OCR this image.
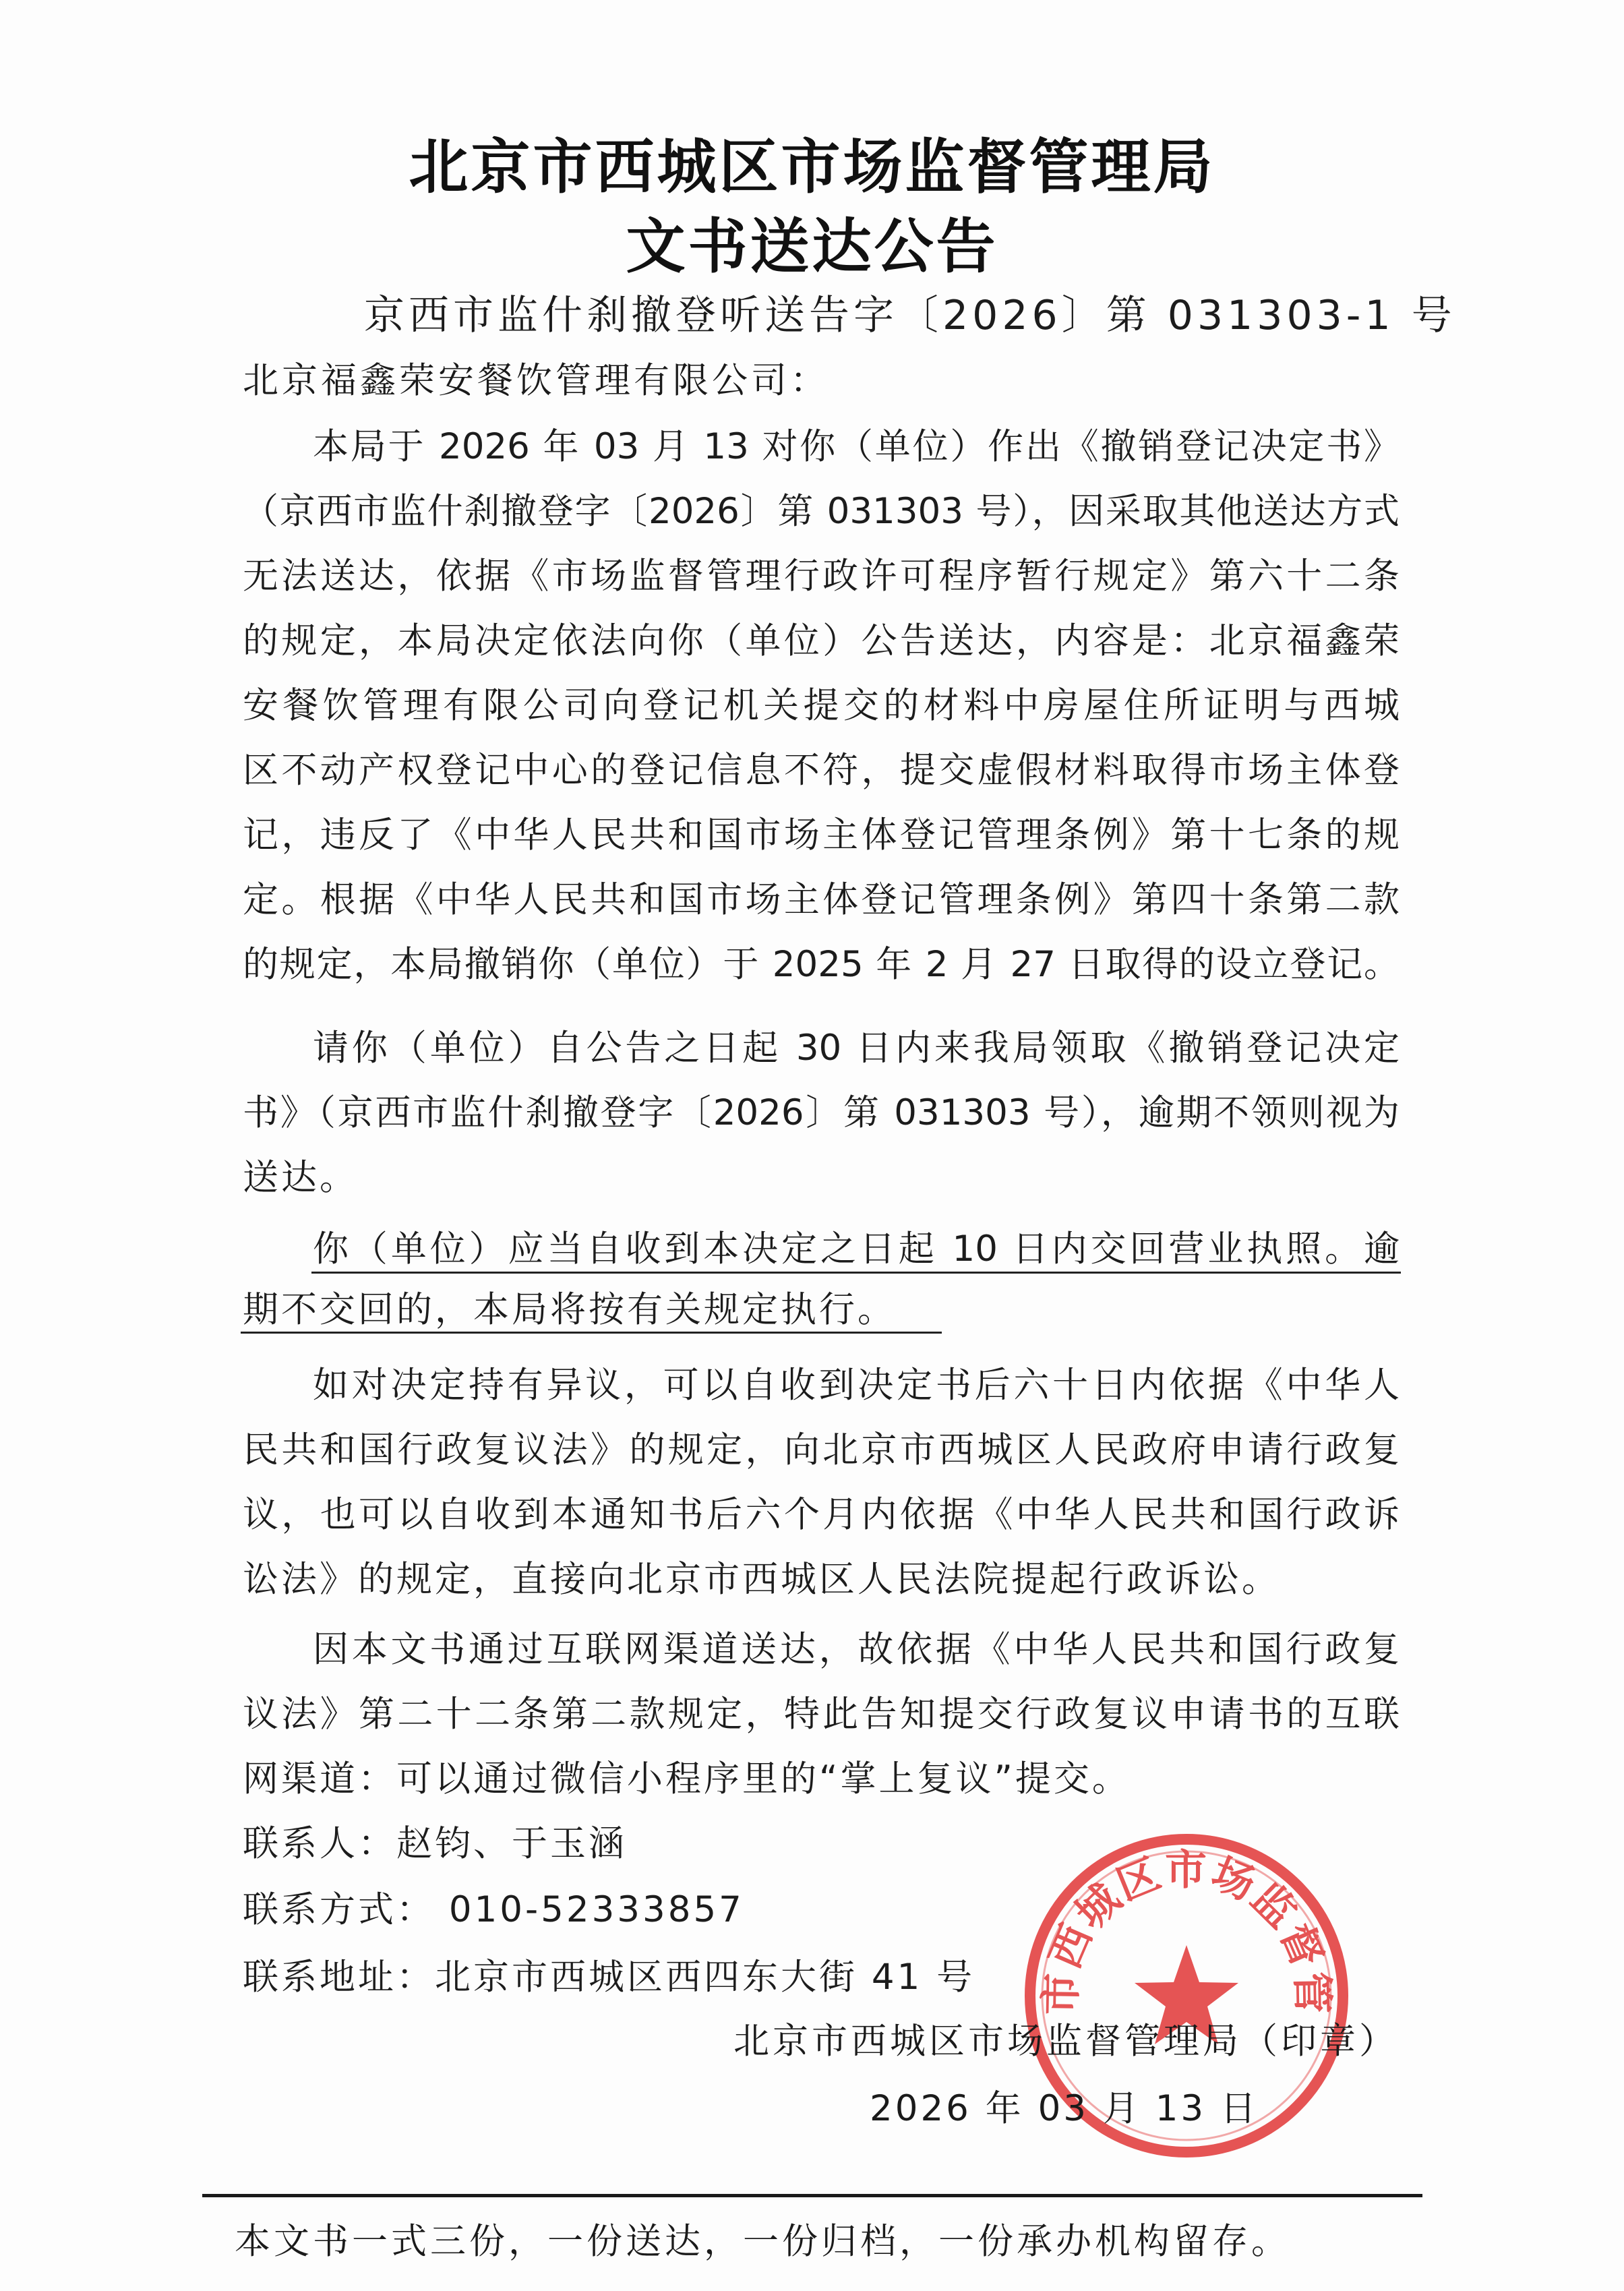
北京市西城区市场监督管理局
文书送达公告
京西市监什刹撤登听送告字〔2026〕第 031303-1 号
北京福鑫荣安餐饮管理有限公司：
本局于 2026 年 03 月 13 对你（单位）作出《撤销登记决定书》
（京西市监什刹撤登字〔2026〕第 031303 号），因采取其他送达方式
无法送达，依据《市场监督管理行政许可程序暂行规定》第六十二条
的规定，本局决定依法向你（单位）公告送达，内容是：北京福鑫荣
安餐饮管理有限公司向登记机关提交的材料中房屋住所证明与西城
区不动产权登记中心的登记信息不符，提交虚假材料取得市场主体登
记，违反了《中华人民共和国市场主体登记管理条例》第十七条的规
定。根据《中华人民共和国市场主体登记管理条例》第四十条第二款
的规定，本局撤销你（单位）于 2025 年 2 月 27 日取得的设立登记。
请你（单位）自公告之日起 30 日内来我局领取《撤销登记决定
书》（京西市监什刹撤登字〔2026〕第 031303 号），逾期不领则视为
送达。
你（单位）应当自收到本决定之日起 10 日内交回营业执照。逾
期不交回的，本局将按有关规定执行。
如对决定持有异议，可以自收到决定书后六十日内依据《中华人
民共和国行政复议法》的规定，向北京市西城区人民政府申请行政复
议，也可以自收到本通知书后六个月内依据《中华人民共和国行政诉
讼法》的规定，直接向北京市西城区人民法院提起行政诉讼。
因本文书通过互联网渠道送达，故依据《中华人民共和国行政复
议法》第二十二条第二款规定，特此告知提交行政复议申请书的互联
网渠道：可以通过微信小程序里的“掌上复议”提交。
联系人：赵钧、于玉涵
联系方式： 010-52333857
联系地址：北京市西城区西四东大街 41 号	市西城区市场监督管
北京市西城区市场监督管理局（印章）
2026 年 03 月 13 日
本文书一式三份，一份送达，一份归档，一份承办机构留存。
